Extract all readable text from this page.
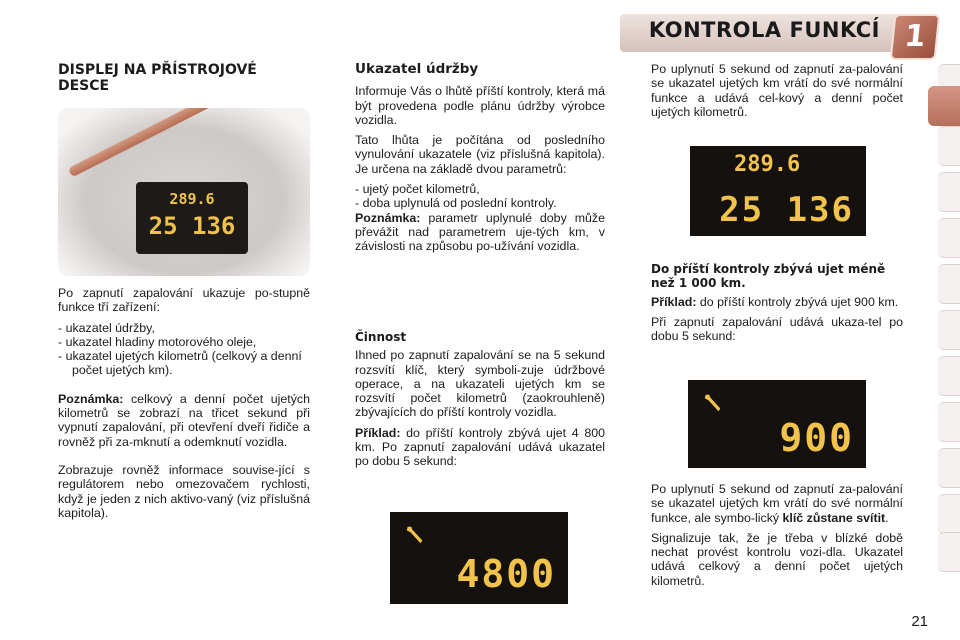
KONTROLA FUNKCÍ 1
DISPLEJ NA PŘÍSTROJOVÉ DESCE
289.6
25 136

Po zapnutí zapalování ukazuje po-stupně funkce tří zařízení:

- ukazatel údržby,
- ukazatel hladiny motorového oleje,
- ukazatel ujetých kilometrů (celkový a denní počet ujetých km).

Poznámka: celkový a denní počet ujetých kilometrů se zobrazí na třicet sekund při vypnutí zapalování, při otevření dveří řidiče a rovněž při za-mknutí a odemknutí vozidla.

Zobrazuje rovněž informace souvise-jící s regulátorem nebo omezovačem rychlosti, když je jeden z nich aktivo-vaný (viz příslušná kapitola).

Ukazatel údržby

Informuje Vás o lhůtě příští kontroly, která má být provedena podle plánu údržby výrobce vozidla.

Tato lhůta je počítána od posledního vynulování ukazatele (viz příslušná kapitola). Je určena na základě dvou parametrů:

- ujetý počet kilometrů,
- doba uplynulá od poslední kontroly.

Poznámka: parametr uplynulé doby může převážit nad parametrem uje-tých km, v závislosti na způsobu po-užívání vozidla.

Činnost

Ihned po zapnutí zapalování se na 5 sekund rozsvítí klíč, který symboli-zuje údržbové operace, a na ukazateli ujetých km se rozsvítí počet kilometrů (zaokrouhleně) zbývajících do příští kontroly vozidla.

Příklad: do příští kontroly zbývá ujet 4 800 km. Po zapnutí zapalování udává ukazatel po dobu 5 sekund:

4800

Po uplynutí 5 sekund od zapnutí za-palování se ukazatel ujetých km vrátí do své normální funkce a udává cel-kový a denní počet ujetých kilometrů.

289.6
25 136
Do příští kontroly zbývá ujet méně než 1 000 km.

Příklad: do příští kontroly zbývá ujet 900 km.

Při zapnutí zapalování udává ukaza-tel po dobu 5 sekund:

900

Po uplynutí 5 sekund od zapnutí za-palování se ukazatel ujetých km vrátí do své normální funkce, ale symbo-lický klíč zůstane svítit.

Signalizuje tak, že je třeba v blízké době nechat provést kontrolu vozi-dla. Ukazatel udává celkový a denní počet ujetých kilometrů.

21
